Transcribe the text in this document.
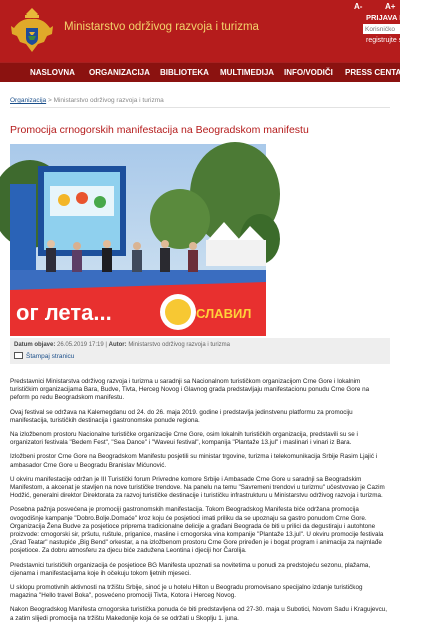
Ministarstvo održivog razvoja i turizma
A-	A+
PRIJAVA K
Korisničko
registrujte s
NASLOVNA ORGANIZACIJA BIBLIOTEKA MULTIMEDIJA INFO/VODIČI PRESS CENTAR
Organizacija > Ministarstvo održivog razvoja i turizma
Promocija crnogorskih manifestacija na Beogradskom manifestu
ог лета...	СЛАВИЛ
Datum objave: 26.05.2019 17:19 | Autor: Ministarstvo održivog razvoja i turizma
Štampaj stranicu

Predstavnici Ministarstva održivog razvoja i turizma u saradnji sa Nacionalnom turističkom organizacijom Crne Gore i lokalnim turističkim organizacijama Bara, Budve, Tivta, Herceg Novog i Glavnog grada predstavljaju manifestacionu ponudu Crne Gore na peform po redu Beogradskom manifestu.

Ovaj festival se održava na Kalemegdanu od 24. do 26. maja 2019. godine i predstavlja jedinstvenu platformu za promociju manifestacija, turističkih destinacija i gastronomske ponude regiona.

Na izložbenom prostoru Nacionalne turističke organizacije Crne Gore, osim lokalnih turističkih organizacija, predstavili su se i organizatori festivala "Bedem Fest", "Sea Dance" i "Waveui festival", kompanija "Plantaže 13.jul" i maslinari i vinari iz Bara.

Izložbeni prostor Crne Gore na Beogradskom Manifestu posjetili su ministar trgovine, turizma i telekomunikacija Srbije Rasim Ljajić i ambasador Crne Gore u Beogradu Branislav Mićunović.

U okviru manifestacije održan je III Turistički forum Privredne komore Srbije i Ambasade Crne Gore u saradnji sa Beogradskim Manifestom, a akcenat je stavljen na nove turističke trendove. Na panelu na temu "Savremeni trendovi u turizmu" učestvovao je Cazim Hodžić, generalni direktor Direktorata za razvoj turističke destinacije i turističku infrastrukturu u Ministarstvu održivog razvoja i turizma.

Posebna pažnja posvećena je promociji gastronomskih manifestacija. Tokom Beogradskog Manifesta biće održana promocija ovogodišnje kampanje "Dobro.Bolje.Domaće" kroz koju će posjetioci imati priliku da se upoznaju sa gastro ponudom Crne Gore. Organizacija Žena Budve za posjetioce priprema tradicionalne delicije a građani Beograda će biti u prilici da degustiraju i autohtone proizvode: crnogorski sir, pršutu, ruštule, priganice, masline i crnogorska vina kompanije "Plantaže 13.jul". U okviru promocije festivala „Grad Teatar" nastupiće „Big Bend" orkestar, a na izložbenom prostoru Crne Gore priređen je i bogat program i animacija za najmlađe posjetioce. Za dobru atmosferu za djecu biće zadužena Leontina i djeciji hor Čarolija.

Predstavnici turističkih organizacija će posjetioce BG Manifesta upoznati sa novitetima u ponudi za predstojeću sezonu, plažama, cijenama i manifestacijama koje ih očekuju tokom ljetnih mjeseci.

U sklopu promotivnih aktivnosti na tržištu Srbije, sinoć je u hotelu Hilton u Beogradu promovisano specijalno izdanje turističkog magazina "Hello travel Boka", posvećeno promociji Tivta, Kotora i Herceg Novog.

Nakon Beogradskog Manifesta crnogorska turistička ponuda će biti predstavljena od 27-30. maja u Subotici, Novom Sadu i Kragujevcu, a zatim slijedi promocija na tržištu Makedonije koja će se održati u Skoplju 1. juna.
